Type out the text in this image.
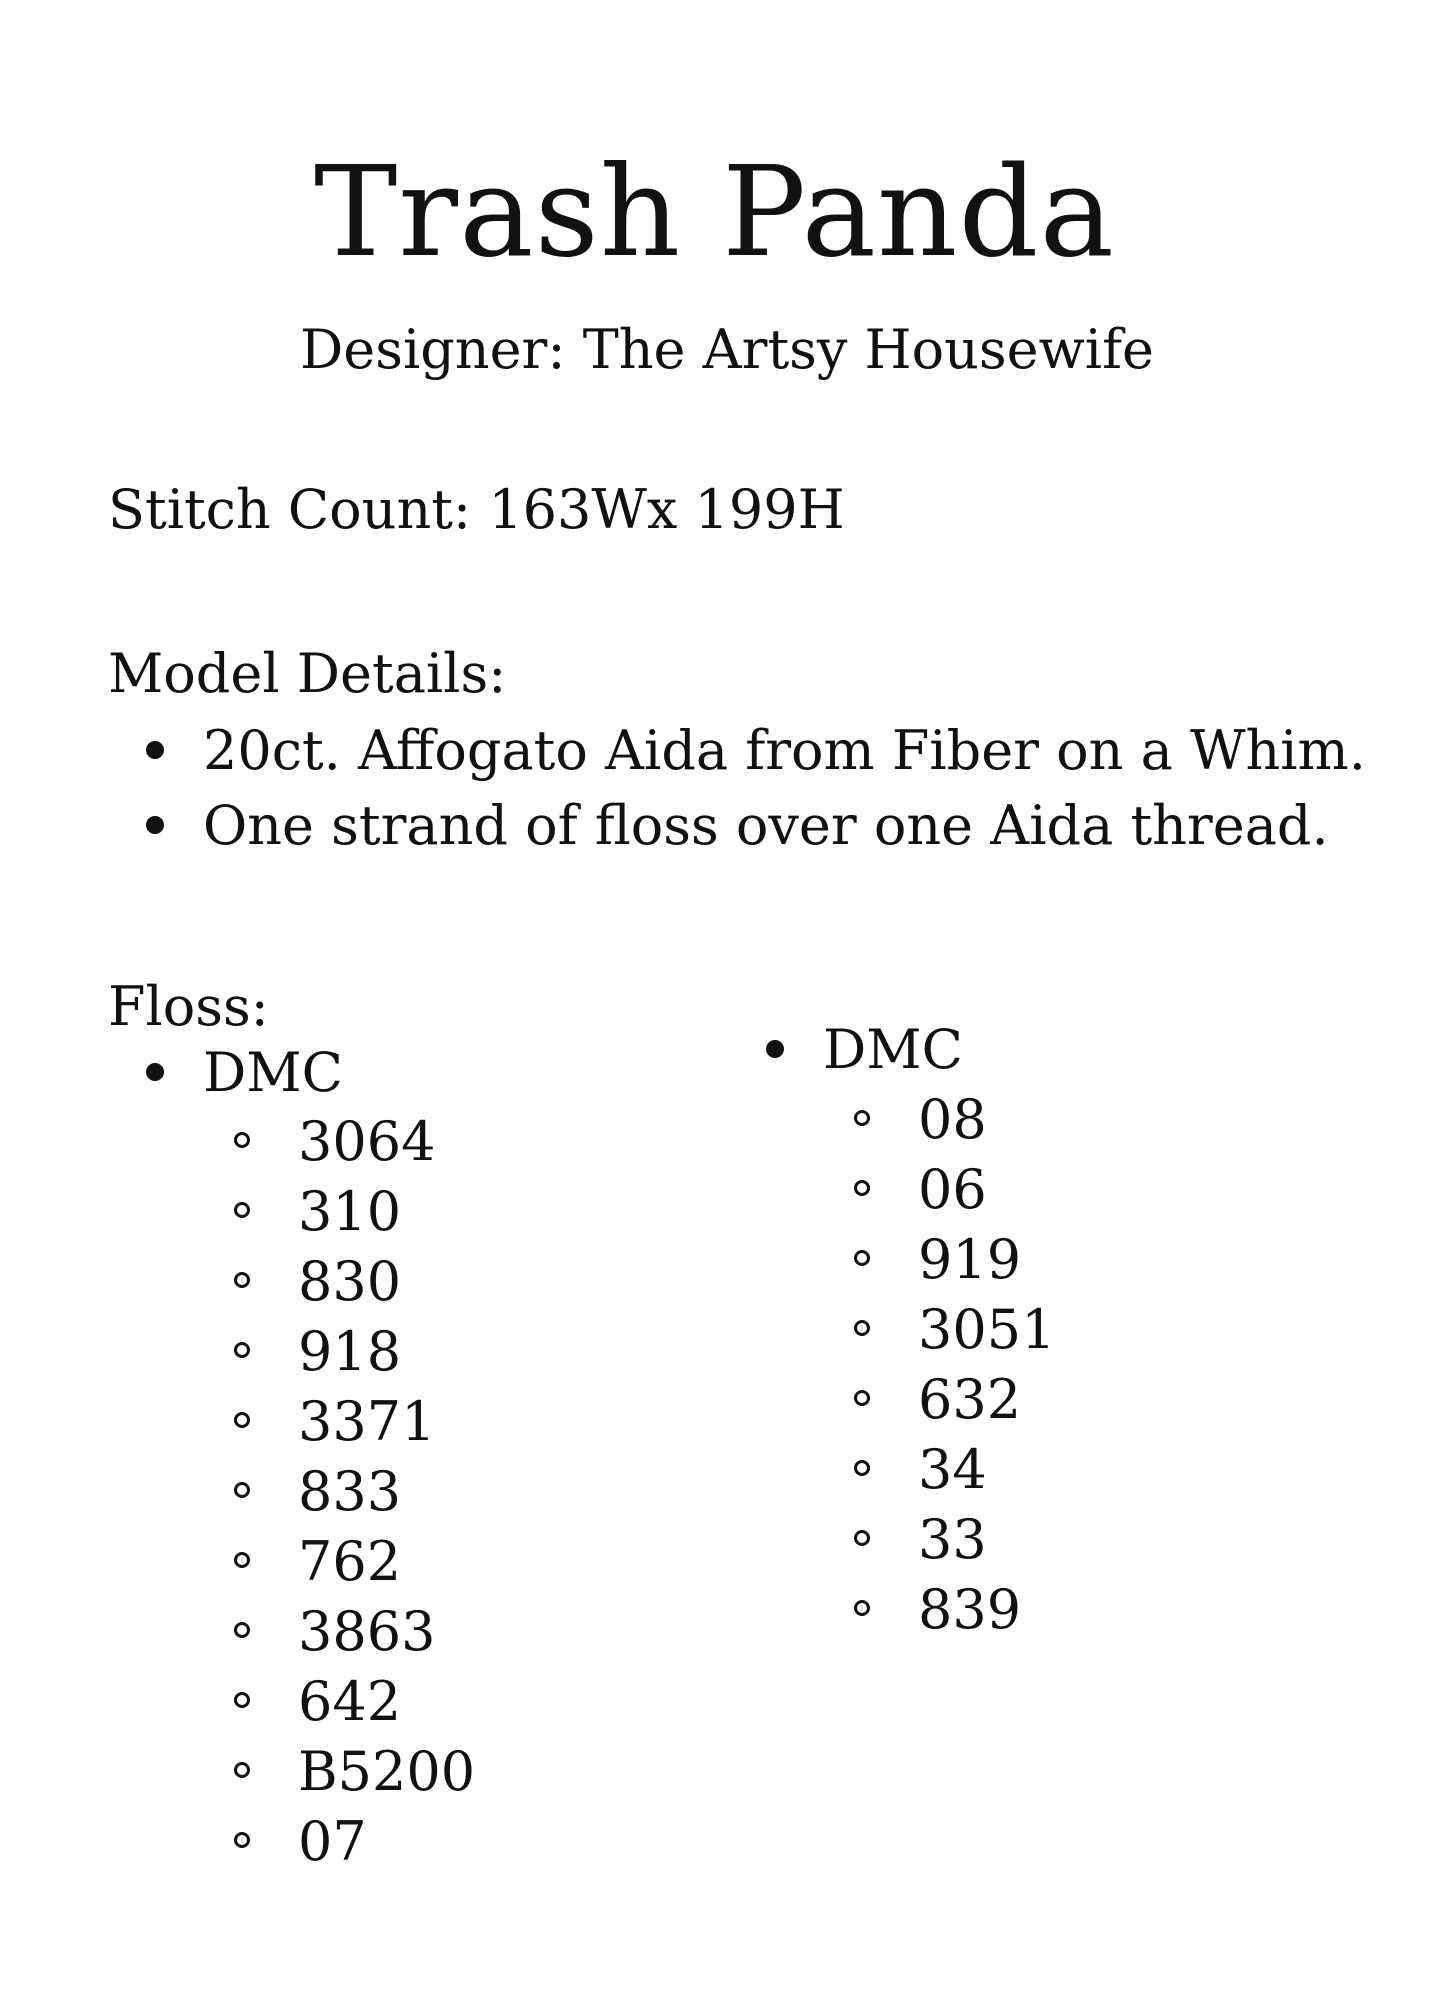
Trash Panda

Designer: The Artsy Housewife

Stitch Count: 163Wx 199H
Model Details:
20ct. Affogato Aida from Fiber on a Whim.
One strand of floss over one Aida thread.
Floss:
DMC
3064
310
830
918
3371
833
762
3863
642
B5200
07
DMC
08
06
919
3051
632
34
33
839
